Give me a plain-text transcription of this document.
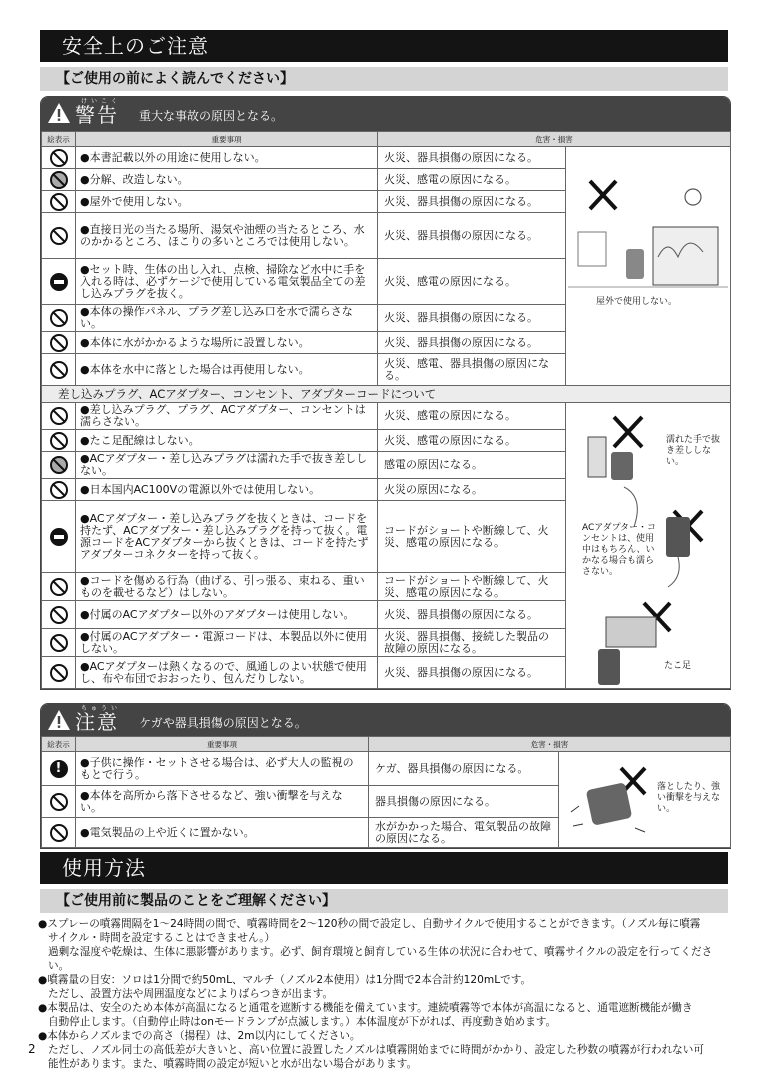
安全上のご注意
【ご使用の前によく読んでください】
けいこく
警告 重大な事故の原因となる。
絵表示	重要事項	危害・損害	
	●本書記載以外の用途に使用しない。	火災、器具損傷の原因になる。	屋外で使用しない。

	●分解、改造しない。	火災、感電の原因になる。	
	●屋外で使用しない。	火災、器具損傷の原因になる。	
	●直接日光の当たる場所、湯気や油煙の当たるところ、水のかかるところ、ほこりの多いところでは使用しない。	火災、器具損傷の原因になる。	
	●セット時、生体の出し入れ、点検、掃除など水中に手を入れる時は、必ずケージで使用している電気製品全ての差し込みプラグを抜く。	火災、感電の原因になる。	
	●本体の操作パネル、プラグ差し込み口を水で濡らさない。	火災、器具損傷の原因になる。	
	●本体に水がかかるような場所に設置しない。	火災、器具損傷の原因になる。	
	●本体を水中に落とした場合は再使用しない。	火災、感電、器具損傷の原因になる。	
差し込みプラグ、ACアダプター、コンセント、アダプターコードについて			
	●差し込みプラグ、プラグ、ACアダプター、コンセントは濡らさない。	火災、感電の原因になる。	濡れた手で抜き差ししない。
ACアダプター・コンセントは、使用中はもちろん、いかなる場合も濡らさない。
たこ足

	●たこ足配線はしない。	火災、感電の原因になる。	
	●ACアダプター・差し込みプラグは濡れた手で抜き差ししない。	感電の原因になる。	
	●日本国内AC100Vの電源以外では使用しない。	火災の原因になる。	
	●ACアダプター・差し込みプラグを抜くときは、コードを持たず、ACアダプター・差し込みプラグを持って抜く。電源コードをACアダプターから抜くときは、コードを持たずアダプターコネクターを持って抜く。	コードがショートや断線して、火災、感電の原因になる。	
	●コードを傷める行為（曲げる、引っ張る、束ねる、重いものを載せるなど）はしない。	コードがショートや断線して、火災、感電の原因になる。	
	●付属のACアダプター以外のアダプターは使用しない。	火災、器具損傷の原因になる。	
	●付属のACアダプター・電源コードは、本製品以外に使用しない。	火災、器具損傷、接続した製品の故障の原因になる。	
	●ACアダプターは熱くなるので、風通しのよい状態で使用し、布や布団でおおったり、包んだりしない。	火災、器具損傷の原因になる。	
ちゅうい
注意 ケガや器具損傷の原因となる。
絵表示	重要事項	危害・損害	
!	●子供に操作・セットさせる場合は、必ず大人の監視のもとで行う。	ケガ、器具損傷の原因になる。	落としたり、強い衝撃を与えない。

	●本体を高所から落下させるなど、強い衝撃を与えない。	器具損傷の原因になる。	
	●電気製品の上や近くに置かない。	水がかかった場合、電気製品の故障の原因になる。	
使用方法
【ご使用前に製品のことをご理解ください】
●スプレーの噴霧間隔を1〜24時間の間で、噴霧時間を2〜120秒の間で設定し、自動サイクルで使用することができます。（ノズル毎に噴霧
サイクル・時間を設定することはできません。）
過剰な湿度や乾燥は、生体に悪影響があります。必ず、飼育環境と飼育している生体の状況に合わせて、噴霧サイクルの設定を行ってください。
●噴霧量の目安：ソロは1分間で約50mL、マルチ（ノズル2本使用）は1分間で2本合計約120mLです。
ただし、設置方法や周囲温度などによりばらつきが出ます。
●本製品は、安全のため本体が高温になると通電を遮断する機能を備えています。連続噴霧等で本体が高温になると、通電遮断機能が働き
自動停止します。（自動停止時はonモードランプが点滅します。）本体温度が下がれば、再度動き始めます。
●本体からノズルまでの高さ（揚程）は、2m以内にしてください。
ただし、ノズル同士の高低差が大きいと、高い位置に設置したノズルは噴霧開始までに時間がかかり、設定した秒数の噴霧が行われない可
能性があります。また、噴霧時間の設定が短いと水が出ない場合があります。
2
